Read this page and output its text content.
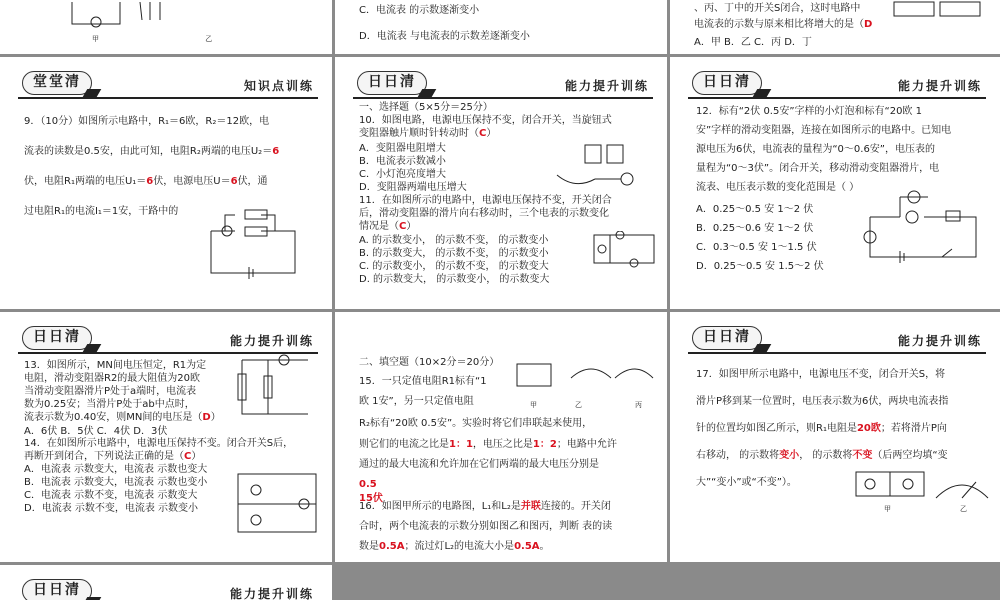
甲 乙
C．电流表 的示数逐渐变小
D．电流表 与电流表的示数差逐渐变小
、丙、丁中的开关S闭合，这时电路中
电流表的示数与原来相比将增大的是（D
A．甲 B．乙 C．丙 D．丁
堂堂清	知识点训练
9．（10分）如图所示电路中，R₁＝6欧，R₂＝12欧，电
流表的读数是0.5安，由此可知，电阻R₂两端的电压U₂＝6
伏，电阻R₁两端的电压U₁＝6伏，电源电压U＝6伏，通
过电阻R₁的电流I₁＝1安，干路中的
日日清	能力提升训练
一、选择题（5×5分＝25分）
10．如图电路，电源电压保持不变，闭合开关，当旋钮式
变阻器触片顺时针转动时（C）
A．变阻器电阻增大
B．电流表示数减小
C．小灯泡亮度增大
D．变阻器两端电压增大
11．在如图所示的电路中，电源电压保持不变，开关闭合
后，滑动变阻器的滑片向右移动时，三个电表的示数变化
情况是（C）
A. 的示数变小， 的示数不变， 的示数变小
B. 的示数变大， 的示数不变， 的示数变小
C. 的示数变小， 的示数不变， 的示数变大
D. 的示数变大， 的示数变小， 的示数变大
日日清	能力提升训练
12．标有“2伏 0.5安”字样的小灯泡和标有“20欧 1
安”字样的滑动变阻器，连接在如图所示的电路中。已知电
源电压为6伏，电流表的量程为“0～0.6安”，电压表的
量程为“0～3伏”。闭合开关，移动滑动变阻器滑片，电
流表、电压表示数的变化范围是（ ）
A．0.25～0.5 安 1～2 伏
B．0.25～0.6 安 1～2 伏
C．0.3～0.5 安 1～1.5 伏
D．0.25～0.5 安 1.5～2 伏
日日清	能力提升训练
13．如图所示，MN间电压恒定，R1为定
电阻，滑动变阻器R2的最大阻值为20欧
当滑动变阻器滑片P处于a端时，电流表
数为0.25安；当滑片P处于ab中点时，
流表示数为0.40安，则MN间的电压是（D）
A．6伏 B．5伏 C．4伏 D．3伏
14．在如图所示电路中，电源电压保持不变。闭合开关S后，
再断开到闭合，下列说法正确的是（C）
A．电流表 示数变大，电流表 示数也变大
B．电流表 示数变大，电流表 示数也变小
C．电流表 示数不变，电流表 示数变大
D．电流表 示数不变，电流表 示数变小
二、填空题（10×2分＝20分）
15．一只定值电阻R1标有“1
欧 1安”，另一只定值电阻	甲	乙	丙
R₂标有“20欧 0.5安”。实验时将它们串联起来使用，
则它们的电流之比是1：1，电压之比是1：2；电路中允许
通过的最大电流和允许加在它们两端的最大电压分别是
0.5
15伏
16．如图甲所示的电路图，L₁和L₂是并联连接的。开关闭
合时，两个电流表的示数分别如图乙和图丙，判断 表的读
数是0.5A；流过灯L₂的电流大小是0.5A。
日日清	能力提升训练
17．如图甲所示电路中，电源电压不变，闭合开关S，将
滑片P移到某一位置时，电压表示数为6伏，两块电流表指
针的位置均如图乙所示，则R₁电阻是20欧；若将滑片P向
右移动， 的示数将变小， 的示数将不变（后两空均填“变
大”“变小”或“不变”）。
甲	乙
日日清	能力提升训练
